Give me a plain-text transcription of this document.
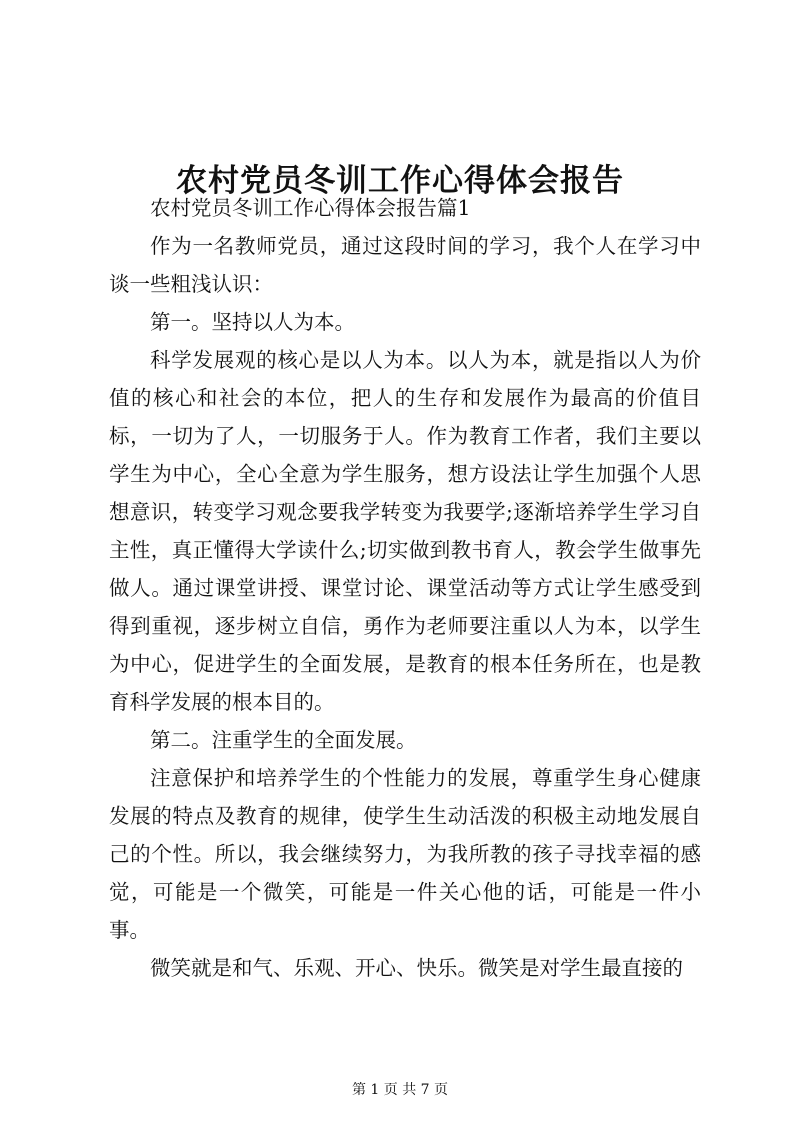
农村党员冬训工作心得体会报告

农村党员冬训工作心得体会报告篇1

作为一名教师党员，通过这段时间的学习，我个人在学习中谈一些粗浅认识：

第一。坚持以人为本。

科学发展观的核心是以人为本。以人为本，就是指以人为价值的核心和社会的本位，把人的生存和发展作为最高的价值目标，一切为了人，一切服务于人。作为教育工作者，我们主要以学生为中心，全心全意为学生服务，想方设法让学生加强个人思想意识，转变学习观念要我学转变为我要学;逐渐培养学生学习自主性，真正懂得大学读什么;切实做到教书育人，教会学生做事先做人。通过课堂讲授、课堂讨论、课堂活动等方式让学生感受到得到重视，逐步树立自信，勇作为老师要注重以人为本，以学生为中心，促进学生的全面发展，是教育的根本任务所在，也是教育科学发展的根本目的。

第二。注重学生的全面发展。

注意保护和培养学生的个性能力的发展，尊重学生身心健康发展的特点及教育的规律，使学生生动活泼的积极主动地发展自己的个性。所以，我会继续努力，为我所教的孩子寻找幸福的感觉，可能是一个微笑，可能是一件关心他的话，可能是一件小事。

微笑就是和气、乐观、开心、快乐。微笑是对学生最直接的

第 1 页 共 7 页
